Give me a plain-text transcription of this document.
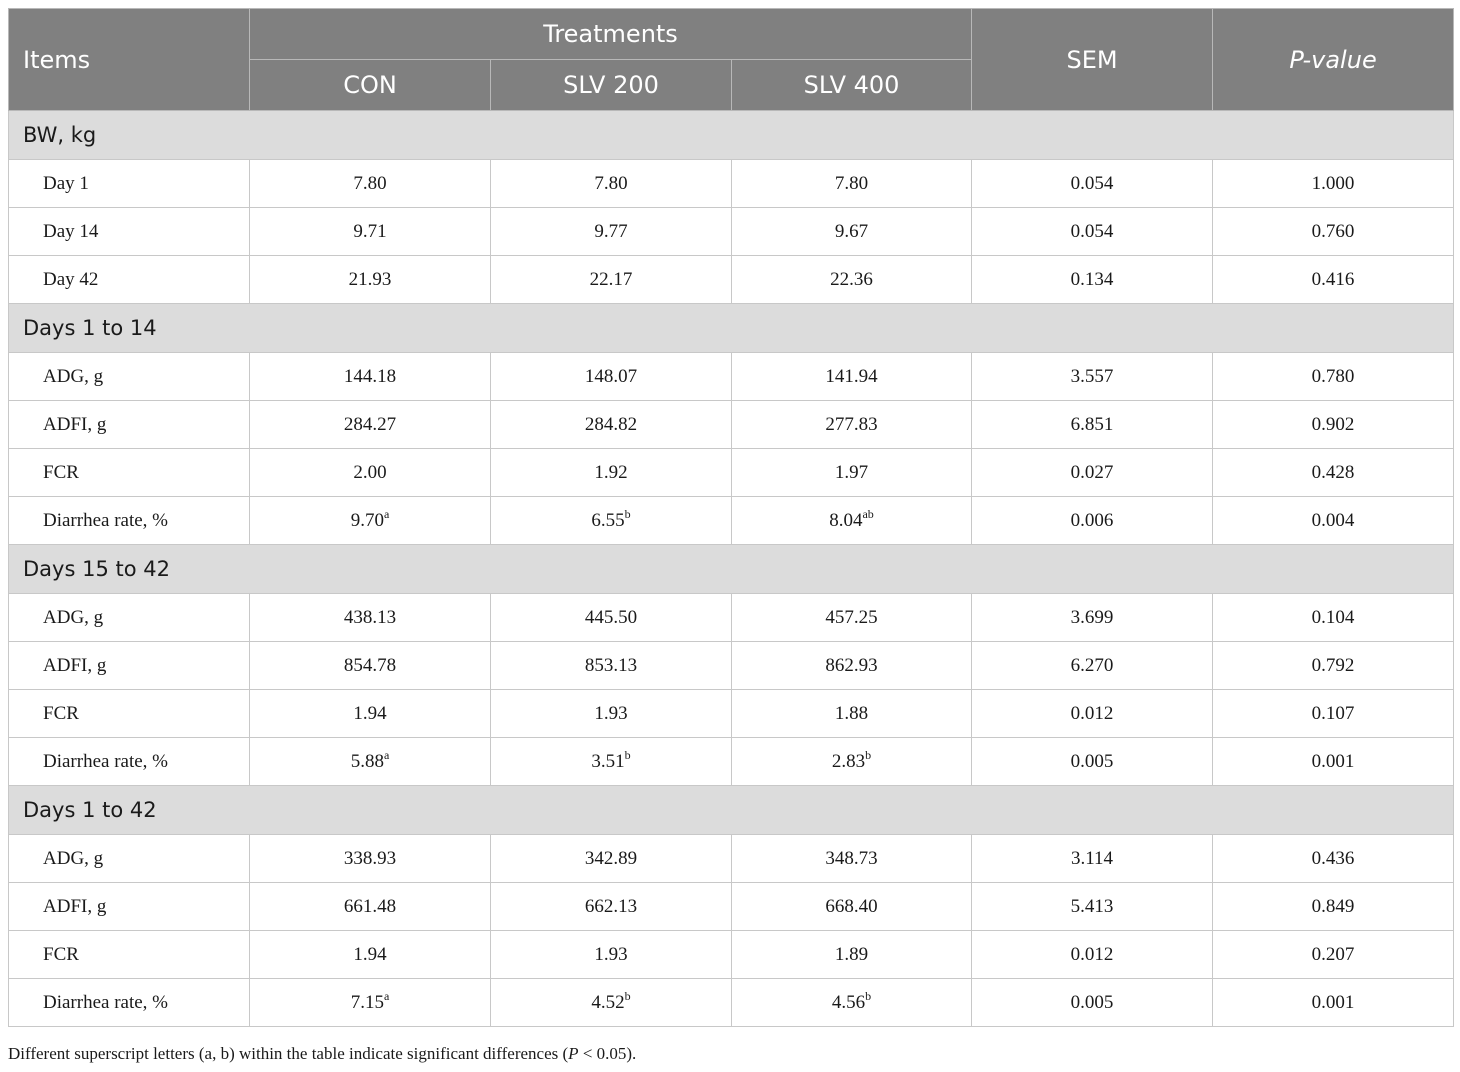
Items	Treatments			SEM	P-value
	CON	SLV 200	SLV 400		
BW, kg					
Day 1	7.80	7.80	7.80	0.054	1.000
Day 14	9.71	9.77	9.67	0.054	0.760
Day 42	21.93	22.17	22.36	0.134	0.416
Days 1 to 14					
ADG, g	144.18	148.07	141.94	3.557	0.780
ADFI, g	284.27	284.82	277.83	6.851	0.902
FCR	2.00	1.92	1.97	0.027	0.428
Diarrhea rate, %	9.70$^a$	6.55$^b$	8.04$^{ab}$	0.006	0.004
Days 15 to 42					
ADG, g	438.13	445.50	457.25	3.699	0.104
ADFI, g	854.78	853.13	862.93	6.270	0.792
FCR	1.94	1.93	1.88	0.012	0.107
Diarrhea rate, %	5.88$^a$	3.51$^b$	2.83$^b$	0.005	0.001
Days 1 to 42					
ADG, g	338.93	342.89	348.73	3.114	0.436
ADFI, g	661.48	662.13	668.40	5.413	0.849
FCR	1.94	1.93	1.89	0.012	0.207
Diarrhea rate, %	7.15$^a$	4.52$^b$	4.56$^b$	0.005	0.001
Different superscript letters (a, b) within the table indicate significant differences (P < 0.05).
